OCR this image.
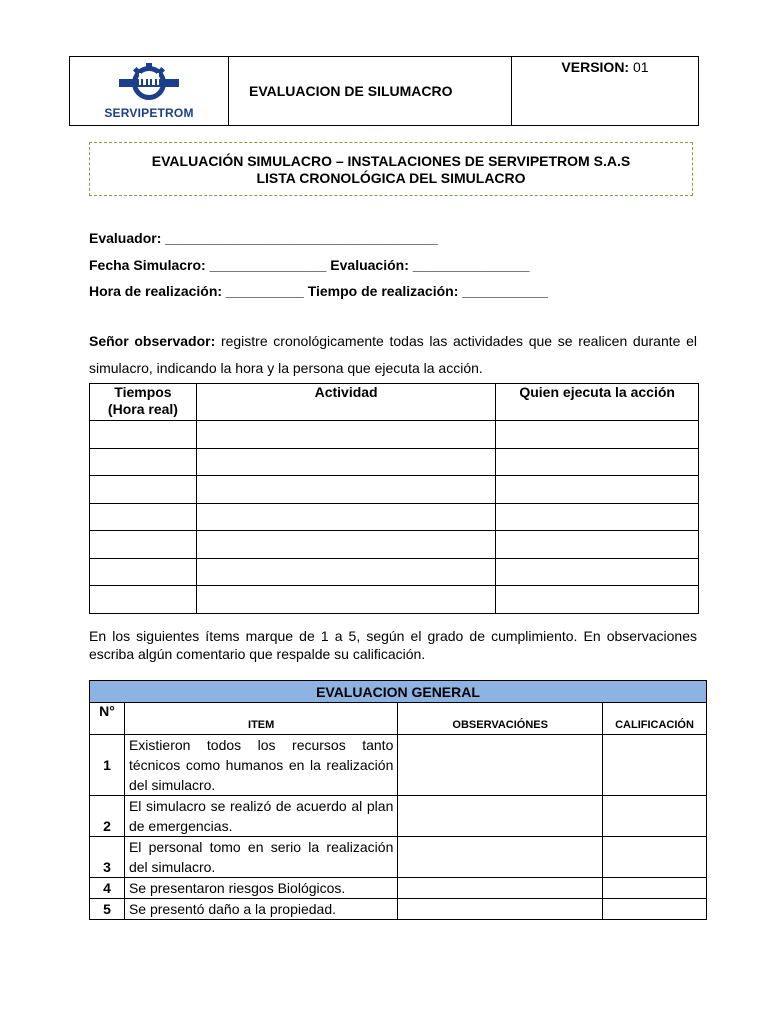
SERVIPETROM
	EVALUACION DE SILUMACRO	VERSION: 01
EVALUACIÓN SIMULACRO – INSTALACIONES DE SERVIPETROM S.A.S
LISTA CRONOLÓGICA DEL SIMULACRO
Evaluador: ___________________________________
Fecha Simulacro: _______________ Evaluación: _______________
Hora de realización: __________ Tiempo de realización: ___________
Señor observador: registre cronológicamente todas las actividades que se realicen durante el simulacro, indicando la hora y la persona que ejecuta la acción.
Tiempos
(Hora real)	Actividad	Quien ejecuta la acción

En los siguientes ítems marque de 1 a 5, según el grado de cumplimiento. En observaciones escriba algún comentario que respalde su calificación.
EVALUACION GENERAL			
N°	ITEM	OBSERVACIÓNES	CALIFICACIÓN
1	Existieron todos los recursos tanto técnicos como humanos en la realización del simulacro.		
2	El simulacro se realizó de acuerdo al plan de emergencias.		
3	El personal tomo en serio la realización del simulacro.		
4	Se presentaron riesgos Biológicos.		
5	Se presentó daño a la propiedad.		
